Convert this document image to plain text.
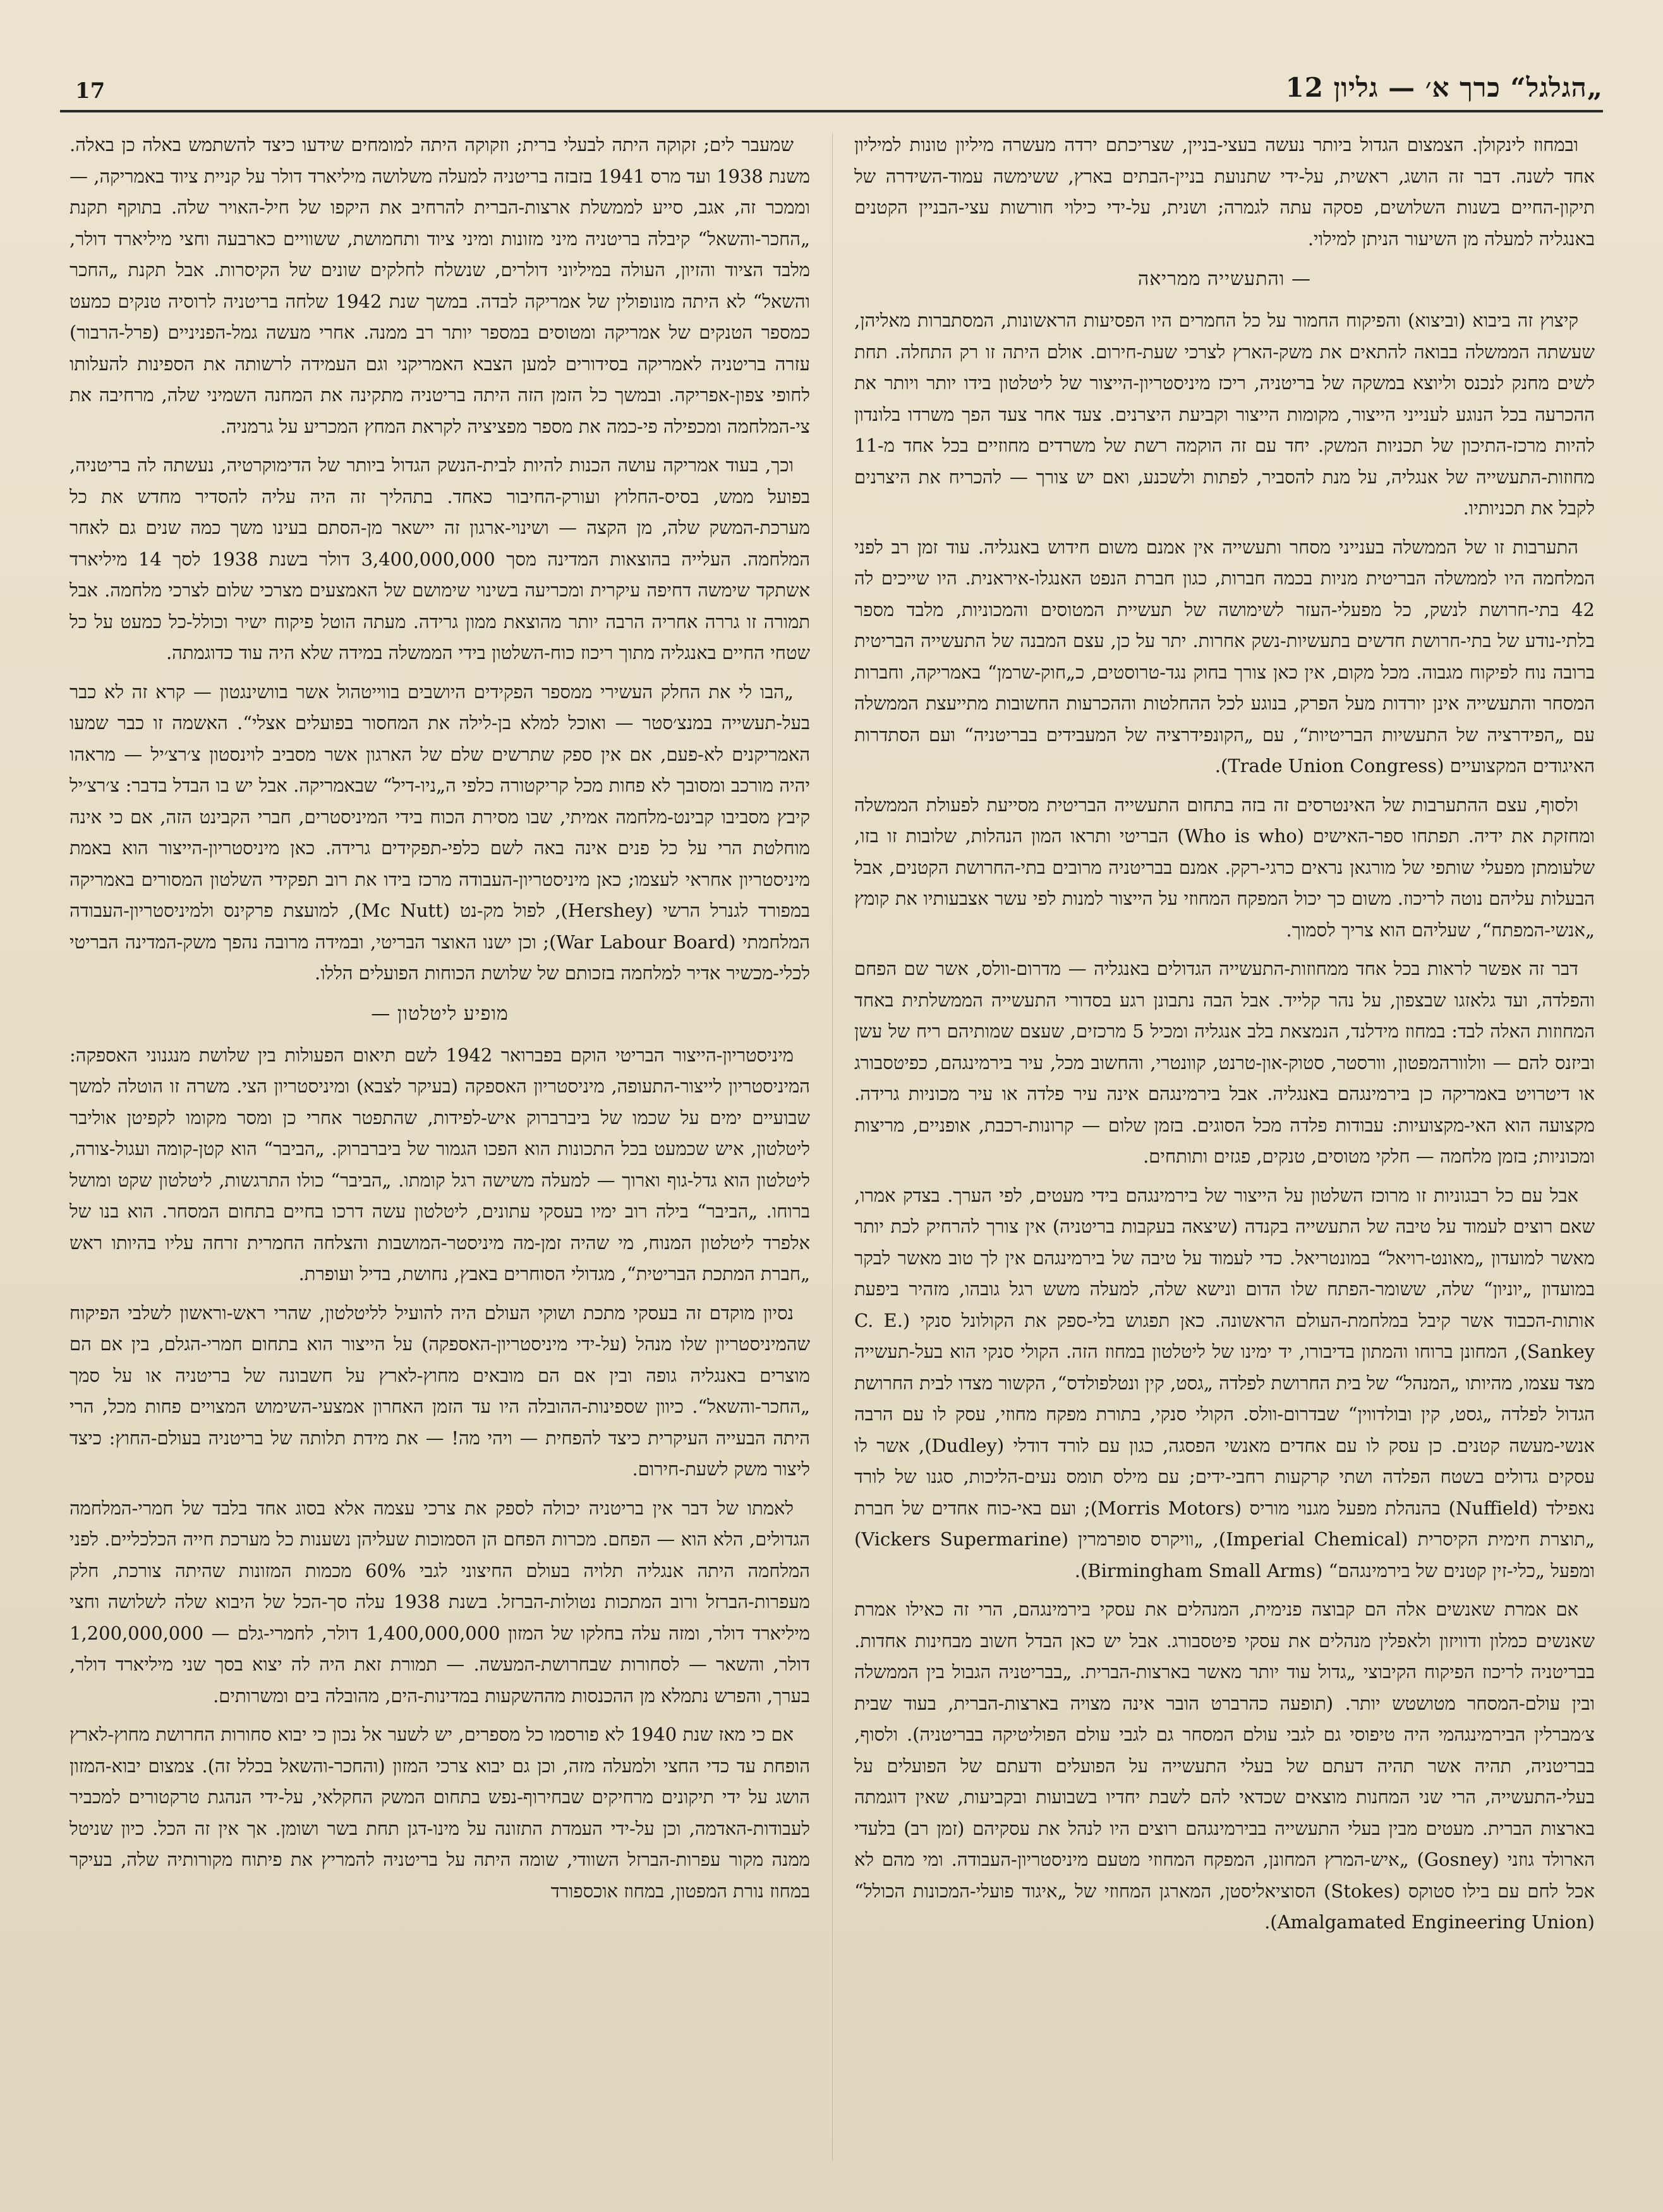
17	„הגלגל“ כרך א׳ — גליון 12

שמעבר לים; זקוקה היתה לבעלי ברית; וזקוקה היתה למומחים שידעו כיצד להשתמש באלה כן באלה. משנת 1938 ועד מרס 1941 בזבזה בריטניה למעלה משלושה מיליארד דולר על קניית ציוד באמריקה, — וממכר זה, אגב, סייע לממשלת ארצות-הברית להרחיב את היקפו של חיל-האויר שלה. בתוקף תקנת „החכר-והשאל“ קיבלה בריטניה מיני מזונות ומיני ציוד ותחמושת, ששוויים כארבעה וחצי מיליארד דולר, מלבד הציוד והזיון, העולה במיליוני דולרים, שנשלח לחלקים שונים של הקיסרות. אבל תקנת „החכר והשאל“ לא היתה מונופולין של אמריקה לבדה. במשך שנת 1942 שלחה בריטניה לרוסיה טנקים כמעט כמספר הטנקים של אמריקה ומטוסים במספר יותר רב ממנה. אחרי מעשה גמל-הפניניים (פרל-הרבור) עזרה בריטניה לאמריקה בסידורים למען הצבא האמריקני וגם העמידה לרשותה את הספינות להעלותו לחופי צפון-אפריקה. ובמשך כל הזמן הזה היתה בריטניה מתקינה את המחנה השמיני שלה, מרחיבה את צי-המלחמה ומכפילה פי-כמה את מספר מפציציה לקראת המחץ המכריע על גרמניה.

וכך, בעוד אמריקה עושה הכנות להיות לבית-הנשק הגדול ביותר של הדימוקרטיה, נעשתה לה בריטניה, בפועל ממש, בסיס-החלוץ ועורק-החיבור כאחד. בתהליך זה היה עליה להסדיר מחדש את כל מערכת-המשק שלה, מן הקצה — ושינוי-ארגון זה יישאר מן-הסתם בעינו משך כמה שנים גם לאחר המלחמה. העלייה בהוצאות המדינה מסך 3,400,000,000 דולר בשנת 1938 לסך 14 מיליארד אשתקד שימשה דחיפה עיקרית ומכריעה בשינוי שימושם של האמצעים מצרכי שלום לצרכי מלחמה. אבל תמורה זו גררה אחריה הרבה יותר מהוצאת ממון גרידה. מעתה הוטל פיקוח ישיר וכולל-כל כמעט על כל שטחי החיים באנגליה מתוך ריכוז כוח-השלטון בידי הממשלה במידה שלא היה עוד כדוגמתה.

„הבו לי את החלק העשירי ממספר הפקידים היושבים בווייטהול אשר בוושינגטון — קרא זה לא כבר בעל-תעשייה במנצ׳סטר — ואוכל למלא בן-לילה את המחסור בפועלים אצלי“. האשמה זו כבר שמעו האמריקנים לא-פעם, אם אין ספק שתרשים שלם של הארגון אשר מסביב לוינסטון צ׳רצ׳יל — מראהו יהיה מורכב ומסובך לא פחות מכל קריקטורה כלפי ה„ניו-דיל“ שבאמריקה. אבל יש בו הבדל בדבר: צ׳רצ׳יל קיבץ מסביבו קבינט-מלחמה אמיתי, שבו מסירת הכוח בידי המיניסטרים, חברי הקבינט הזה, אם כי אינה מוחלטת הרי על כל פנים אינה באה לשם כלפי-תפקידים גרידה. כאן מיניסטריון-הייצור הוא באמת מיניסטריון אחראי לעצמו; כאן מיניסטריון-העבודה מרכז בידו את רוב תפקידי השלטון המסורים באמריקה במפורד לגנרל הרשי (Hershey), לפול מק-נט (Mc Nutt), למועצת פרקינס ולמיניסטריון-העבודה המלחמתי (War Labour Board); וכן ישנו האוצר הבריטי, ובמידה מרובה נהפך משק-המדינה הבריטי לכלי-מכשיר אדיר למלחמה בזכותם של שלושת הכוחות הפועלים הללו.

מופיע ליטלטון —

מיניסטריון-הייצור הבריטי הוקם בפברואר 1942 לשם תיאום הפעולות בין שלושת מנגנוני האספקה: המיניסטריון לייצור-התעופה, מיניסטריון האספקה (בעיקר לצבא) ומיניסטריון הצי. משרה זו הוטלה למשך שבועיים ימים על שכמו של ביברברוק איש-לפידות, שהתפטר אחרי כן ומסר מקומו לקפיטן אוליבר ליטלטון, איש שכמעט בכל התכונות הוא הפכו הגמור של ביברברוק. „הביבר“ הוא קטן-קומה ועגול-צורה, ליטלטון הוא גדל-גוף וארוך — למעלה משישה רגל קומתו. „הביבר“ כולו התרגשות, ליטלטון שקט ומושל ברוחו. „הביבר“ בילה רוב ימיו בעסקי עתונים, ליטלטון עשה דרכו בחיים בתחום המסחר. הוא בנו של אלפרד ליטלטון המנוח, מי שהיה זמן-מה מיניסטר-המושבות והצלחה החמרית זרחה עליו בהיותו ראש „חברת המתכת הבריטית“, מגדולי הסוחרים באבץ, נחושת, בדיל ועופרת.

נסיון מוקדם זה בעסקי מתכת ושוקי העולם היה להועיל לליטלטון, שהרי ראש-וראשון לשלבי הפיקוח שהמיניסטריון שלו מנהל (על-ידי מיניסטריון-האספקה) על הייצור הוא בתחום חמרי-הגלם, בין אם הם מוצרים באנגליה גופה ובין אם הם מובאים מחוץ-לארץ על חשבונה של בריטניה או על סמך „החכר-והשאל“. כיוון שספינות-ההובלה היו עד הזמן האחרון אמצעי-השימוש המצויים פחות מכל, הרי היתה הבעייה העיקרית כיצד להפחית — ויהי מה! — את מידת תלותה של בריטניה בעולם-החוץ: כיצד ליצור משק לשעת-חירום.

לאמתו של דבר אין בריטניה יכולה לספק את צרכי עצמה אלא בסוג אחד בלבד של חמרי-המלחמה הגדולים, הלא הוא — הפחם. מכרות הפחם הן הסמוכות שעליהן נשענות כל מערכת חייה הכלכליים. לפני המלחמה היתה אנגליה תלויה בעולם החיצוני לגבי 60% מכמות המזונות שהיתה צורכת, חלק מעפרות-הברזל ורוב המתכות נטולות-הברזל. בשנת 1938 עלה סך-הכל של היבוא שלה לשלושה וחצי מיליארד דולר, ומזה עלה בחלקו של המזון 1,400,000,000 דולר, לחמרי-גלם — 1,200,000,000 דולר, והשאר — לסחורות שבחרושת-המעשה. — תמורת זאת היה לה יצוא בסך שני מיליארד דולר, בערך, והפרש נתמלא מן ההכנסות מההשקעות במדינות-הים, מהובלה בים ומשרותים.

אם כי מאז שנת 1940 לא פורסמו כל מספרים, יש לשער אל נכון כי יבוא סחורות החרושת מחוץ-לארץ הופחת עד כדי החצי ולמעלה מזה, וכן גם יבוא צרכי המזון (והחכר-והשאל בכלל זה). צמצום יבוא-המזון הושג על ידי תיקונים מרחיקים שבחירוף-נפש בתחום המשק החקלאי, על-ידי הנהגת טרקטורים למכביר לעבודות-האדמה, וכן על-ידי העמדת התזונה על מינו-דגן תחת בשר ושומן. אך אין זה הכל. כיון שניטל ממנה מקור עפרות-הברזל השוודי, שומה היתה על בריטניה להמריץ את פיתוח מקורותיה שלה, בעיקר במחוז נורת המפטון, במחוז אוכספורד

ובמחוז לינקולן. הצמצום הגדול ביותר נעשה בעצי-בניין, שצריכתם ירדה מעשרה מיליון טונות למיליון אחד לשנה. דבר זה הושג, ראשית, על-ידי שתנועת בניין-הבתים בארץ, ששימשה עמוד-השידרה של תיקון-החיים בשנות השלושים, פסקה עתה לגמרה; ושנית, על-ידי כילוי חורשות עצי-הבניין הקטנים באנגליה למעלה מן השיעור הניתן למילוי.

— והתעשייה ממריאה

קיצוץ זה ביבוא (וביצוא) והפיקוח החמור על כל החמרים היו הפסיעות הראשונות, המסתברות מאליהן, שעשתה הממשלה בבואה להתאים את משק-הארץ לצרכי שעת-חירום. אולם היתה זו רק התחלה. תחת לשים מחנק לנכנס וליוצא במשקה של בריטניה, ריכז מיניסטריון-הייצור של ליטלטון בידו יותר ויותר את ההכרעה בכל הנוגע לענייני הייצור, מקומות הייצור וקביעת היצרנים. צעד אחר צעד הפך משרדו בלונדון להיות מרכז-התיכון של תכניות המשק. יחד עם זה הוקמה רשת של משרדים מחוזיים בכל אחד מ-11 מחוזות-התעשייה של אנגליה, על מנת להסביר, לפתות ולשכנע, ואם יש צורך — להכריח את היצרנים לקבל את תכניותיו.

התערבות זו של הממשלה בענייני מסחר ותעשייה אין אמנם משום חידוש באנגליה. עוד זמן רב לפני המלחמה היו לממשלה הבריטית מניות בכמה חברות, כגון חברת הנפט האנגלו-איראנית. היו שייכים לה 42 בתי-חרושת לנשק, כל מפעלי-העזר לשימושה של תעשיית המטוסים והמכוניות, מלבד מספר בלתי-נודע של בתי-חרושת חדשים בתעשיות-נשק אחרות. יתר על כן, עצם המבנה של התעשייה הבריטית ברובה נוח לפיקוח מגבוה. מכל מקום, אין כאן צורך בחוק נגד-טרוסטים, כ„חוק-שרמן“ באמריקה, וחברות המסחר והתעשייה אינן יורדות מעל הפרק, בנוגע לכל ההחלטות וההכרעות החשובות מתייעצת הממשלה עם „הפידרציה של התעשיות הבריטיות“, עם „הקונפידרציה של המעבידים בבריטניה“ ועם הסתדרות האיגודים המקצועיים (Trade Union Congress).

ולסוף, עצם ההתערבות של האינטרסים זה בזה בתחום התעשייה הבריטית מסייעת לפעולת הממשלה ומחזקת את ידיה. תפתחו ספר-האישים (Who is who) הבריטי ותראו המון הנהלות, שלובות זו בזו, שלעומתן מפעלי שותפי של מורגאן נראים כרגי-רקק. אמנם בבריטניה מרובים בתי-החרושת הקטנים, אבל הבעלות עליהם נוטה לריכוז. משום כך יכול המפקח המחוזי על הייצור למנות לפי עשר אצבעותיו את קומץ „אנשי-המפתח“, שעליהם הוא צריך לסמוך.

דבר זה אפשר לראות בכל אחד ממחוזות-התעשייה הגדולים באנגליה — מדרום-וולס, אשר שם הפחם והפלדה, ועד גלאזגו שבצפון, על נהר קלייד. אבל הבה נתבונן רגע בסדורי התעשייה הממשלתית באחד המחוזות האלה לבד: במחוז מידלנד, הנמצאת בלב אנגליה ומכיל 5 מרכזים, שעצם שמותיהם ריח של עשן וביזנס להם — וולוורהמפטון, וורסטר, סטוק-און-טרנט, קוונטרי, והחשוב מכל, עיר בירמינגהם, כפיטסבורג או דיטרויט באמריקה כן בירמינגהם באנגליה. אבל בירמינגהם אינה עיר פלדה או עיר מכוניות גרידה. מקצועה הוא האי-מקצועיות: עבודות פלדה מכל הסוגים. בזמן שלום — קרונות-רכבת, אופניים, מריצות ומכוניות; בזמן מלחמה — חלקי מטוסים, טנקים, פגזים ותותחים.

אבל עם כל רבגוניות זו מרוכז השלטון על הייצור של בירמינגהם בידי מעטים, לפי הערך. בצדק אמרו, שאם רוצים לעמוד על טיבה של התעשייה בקנדה (שיצאה בעקבות בריטניה) אין צורך להרחיק לכת יותר מאשר למועדון „מאונט-רויאל“ במונטריאל. כדי לעמוד על טיבה של בירמינגהם אין לך טוב מאשר לבקר במועדון „יוניון“ שלה, ששומר-הפתח שלו הדום ונישא שלה, למעלה משש רגל גובהו, מזהיר ביפעת אותות-הכבוד אשר קיבל במלחמת-העולם הראשונה. כאן תפגוש בלי-ספק את הקולונל סנקי (C. E. Sankey), המחונן ברוחו והמתון בדיבורו, יד ימינו של ליטלטון במחוז הזה. הקולי סנקי הוא בעל-תעשייה מצד עצמו, מהיותו „המנהל“ של בית החרושת לפלדה „גסט, קין ונטלפולדס“, הקשור מצדו לבית החרושת הגדול לפלדה „גסט, קין ובולדווין“ שבדרום-וולס. הקולי סנקי, בתורת מפקח מחוזי, עסק לו עם הרבה אנשי-מעשה קטנים. כן עסק לו עם אחדים מאנשי הפסגה, כגון עם לורד דודלי (Dudley), אשר לו עסקים גדולים בשטח הפלדה ושתי קרקעות רחבי-ידים; עם מילס תומס נעים-הליכות, סגנו של לורד נאפילד (Nuffield) בהנהלת מפעל מגנוי מוריס (Morris Motors); ועם באי-כוח אחדים של חברת „תוצרת חימית הקיסרית (Imperial Chemical), „וויקרס סופרמרין (Vickers Supermarine) ומפעל „כלי-זין קטנים של בירמינגהם“ (Birmingham Small Arms).

אם אמרת שאנשים אלה הם קבוצה פנימית, המנהלים את עסקי בירמינגהם, הרי זה כאילו אמרת שאנשים כמלון ודוויזון ולאפלין מנהלים את עסקי פיטסבורג. אבל יש כאן הבדל חשוב מבחינות אחדות. בבריטניה לריכוז הפיקוח הקיבוצי „גדול עוד יותר מאשר בארצות-הברית. „בבריטניה הגבול בין הממשלה ובין עולם-המסחר מטושטש יותר. (תופעה כהרברט הובר אינה מצויה בארצות-הברית, בעוד שבית צ׳מברלין הבירמינגהמי היה טיפוסי גם לגבי עולם המסחר גם לגבי עולם הפוליטיקה בבריטניה). ולסוף, בבריטניה, תהיה אשר תהיה דעתם של בעלי התעשייה על הפועלים ודעתם של הפועלים על בעלי-התעשייה, הרי שני המחנות מוצאים שכדאי להם לשבת יחדיו בשבועות ובקביעות, שאין דוגמתה בארצות הברית. מעטים מבין בעלי התעשייה בבירמינגהם רוצים היו לנהל את עסקיהם (זמן רב) בלעדי הארולד גוזני (Gosney) „איש-המרץ המחונן, המפקח המחוזי מטעם מיניסטריון-העבודה. ומי מהם לא אכל לחם עם בילו סטוקס (Stokes) הסוציאליסטן, המארגן המחוזי של „איגוד פועלי-המכונות הכולל“ (Amalgamated Engineering Union).
